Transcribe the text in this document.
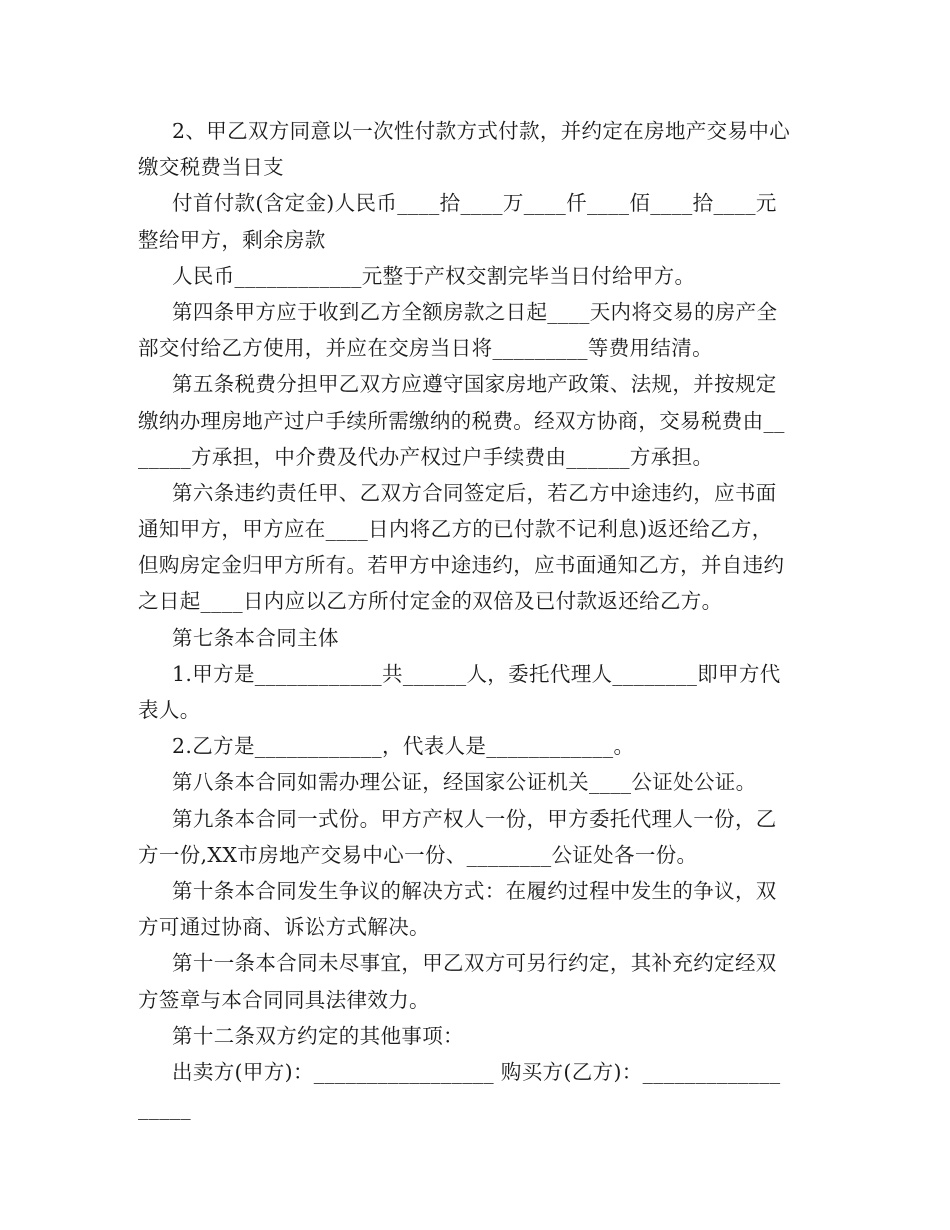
2、甲乙双方同意以一次性付款方式付款，并约定在房地产交易中心
缴交税费当日支
付首付款(含定金)人民币____拾____万____仟____佰____拾____元
整给甲方，剩余房款
人民币____________元整于产权交割完毕当日付给甲方。
第四条甲方应于收到乙方全额房款之日起____天内将交易的房产全
部交付给乙方使用，并应在交房当日将_________等费用结清。
第五条税费分担甲乙双方应遵守国家房地产政策、法规，并按规定
缴纳办理房地产过户手续所需缴纳的税费。经双方协商，交易税费由__
_____方承担，中介费及代办产权过户手续费由______方承担。
第六条违约责任甲、乙双方合同签定后，若乙方中途违约，应书面
通知甲方，甲方应在____日内将乙方的已付款不记利息)返还给乙方，
但购房定金归甲方所有。若甲方中途违约，应书面通知乙方，并自违约
之日起____日内应以乙方所付定金的双倍及已付款返还给乙方。
第七条本合同主体
1.甲方是____________共______人，委托代理人________即甲方代
表人。
2.乙方是____________，代表人是____________。
第八条本合同如需办理公证，经国家公证机关____公证处公证。
第九条本合同一式份。甲方产权人一份，甲方委托代理人一份，乙
方一份,XX市房地产交易中心一份、________公证处各一份。
第十条本合同发生争议的解决方式：在履约过程中发生的争议，双
方可通过协商、诉讼方式解决。
第十一条本合同未尽事宜，甲乙双方可另行约定，其补充约定经双
方签章与本合同同具法律效力。
第十二条双方约定的其他事项：
出卖方(甲方)：_________________ 购买方(乙方)：_____________
_____
